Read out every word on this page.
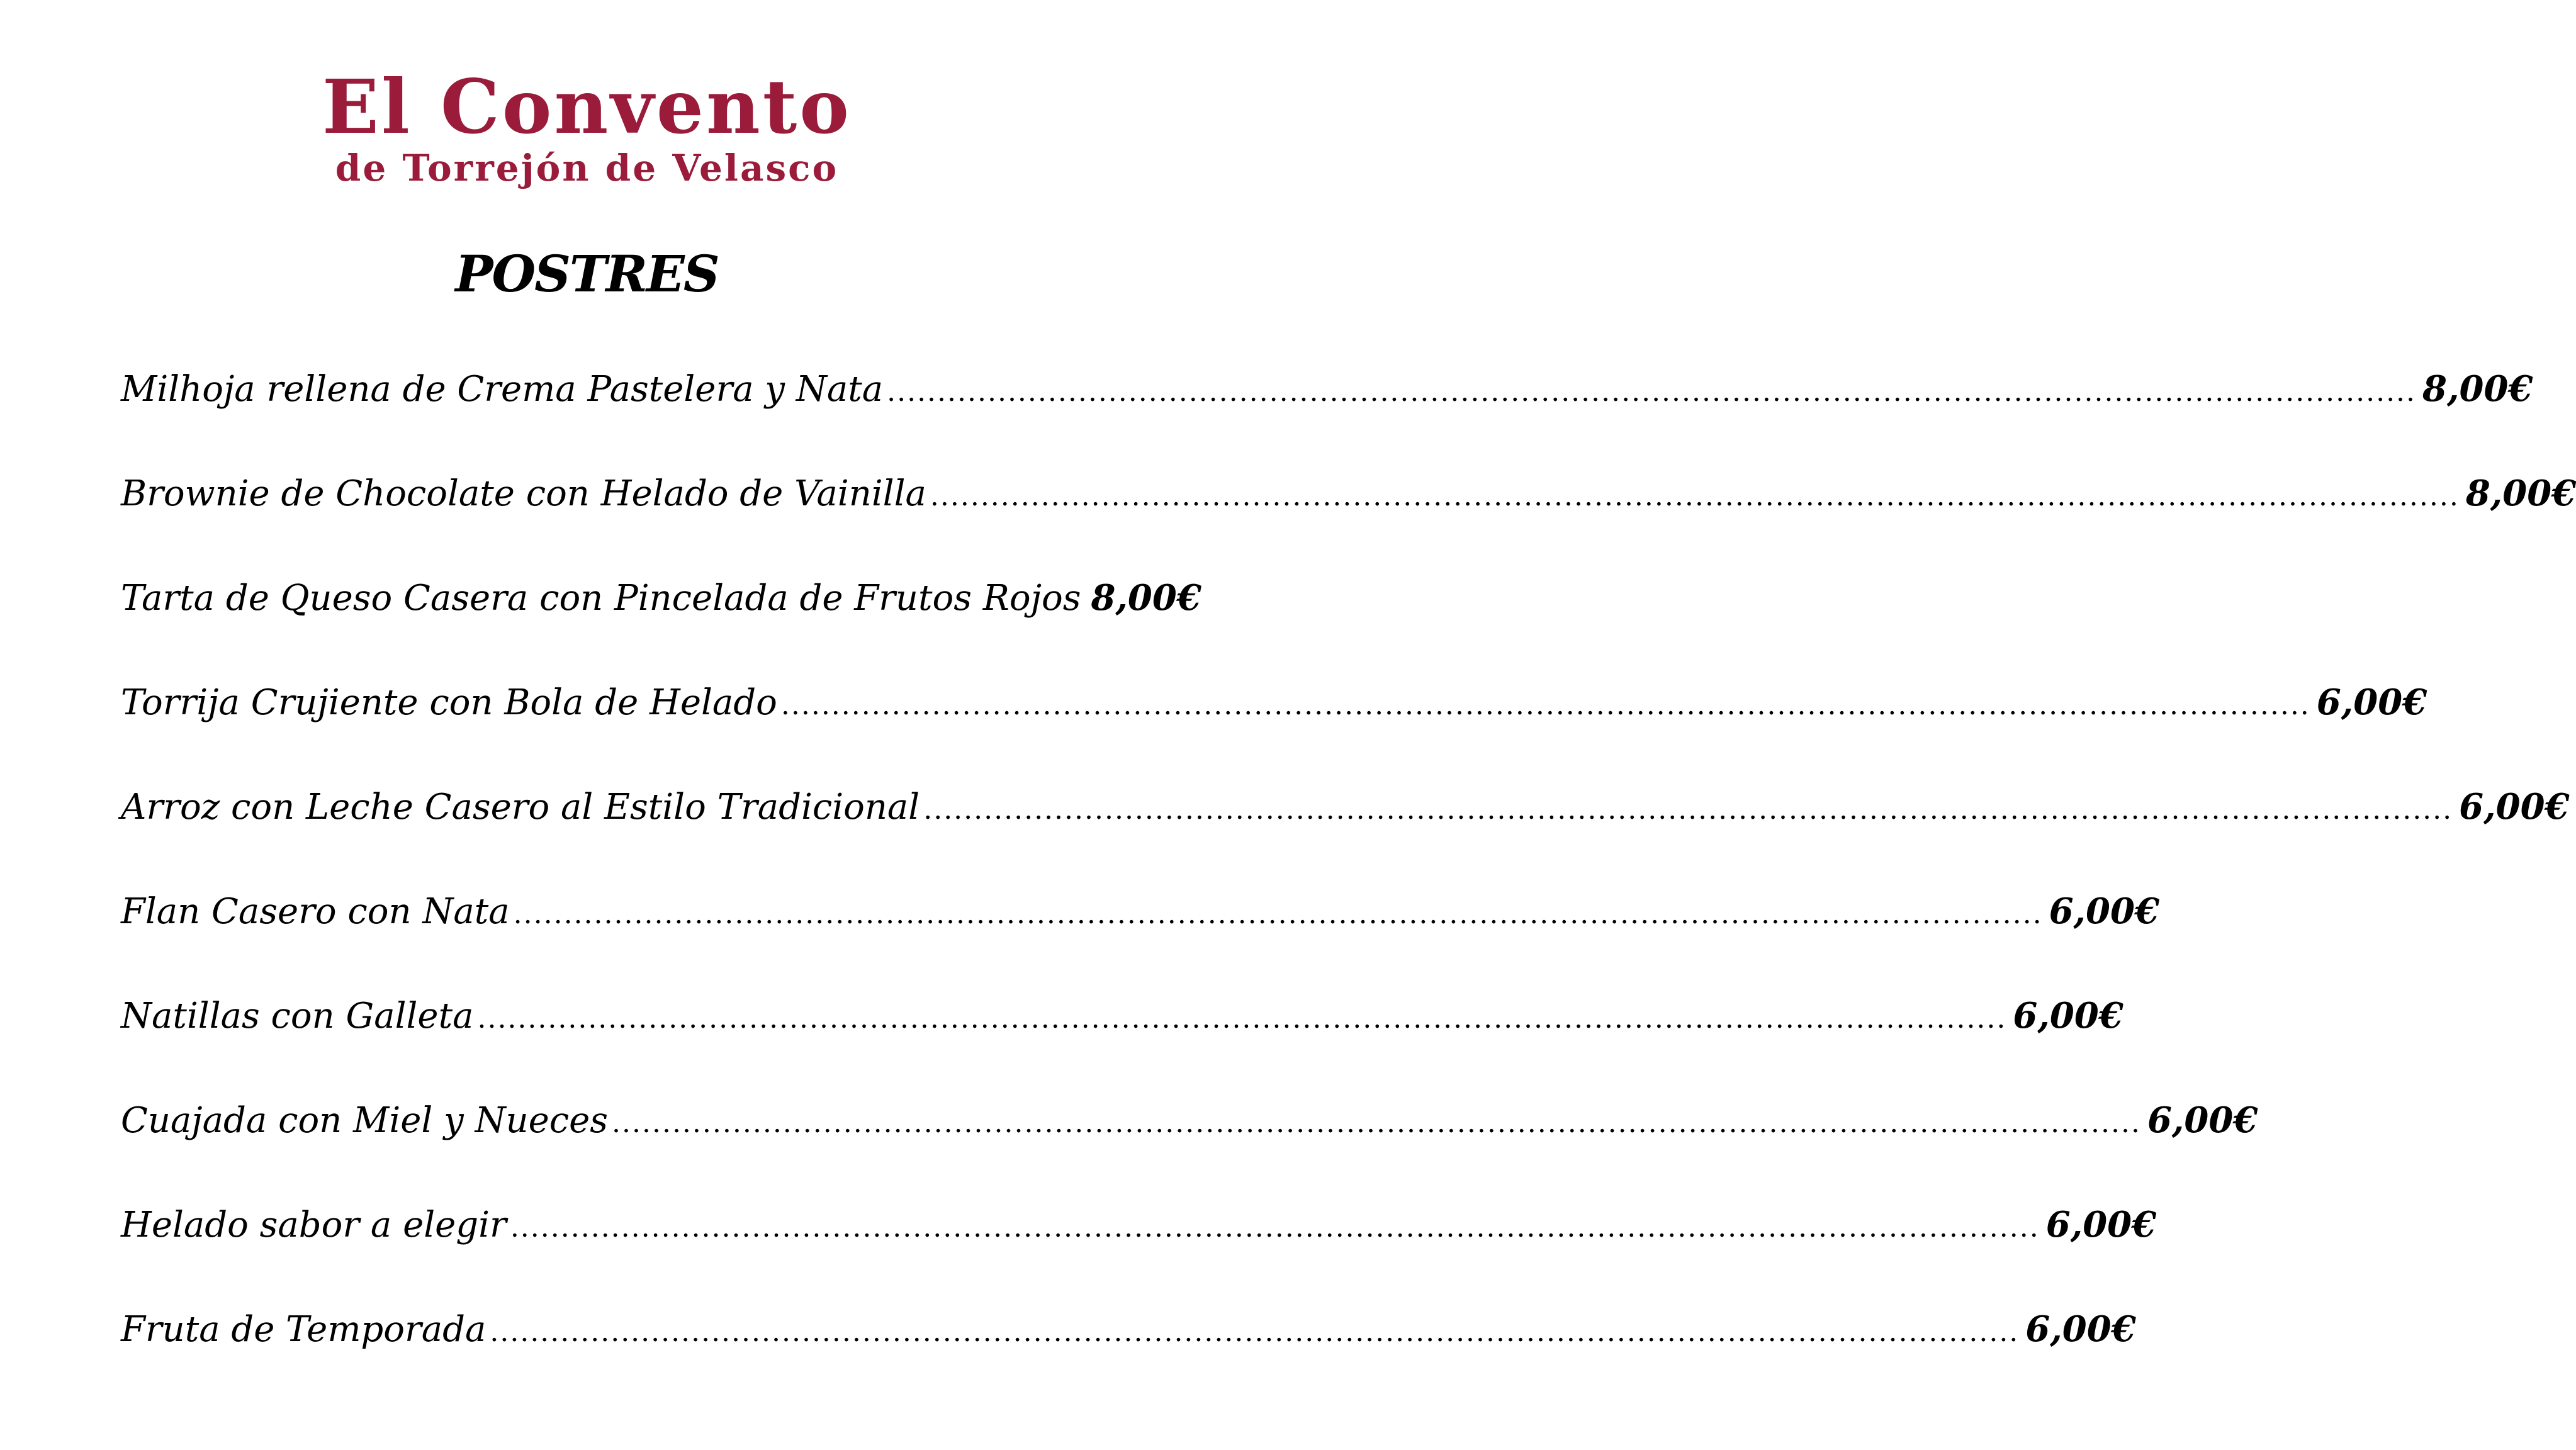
El Convento
de Torrejón de Velasco
POSTRES
Milhoja rellena de Crema Pastelera y Nata .....	8,00€
Brownie de Chocolate con Helado de Vainilla .....	8,00€
Tarta de Queso Casera con Pincelada de Frutos Rojos 8,00€
Torrija Crujiente con Bola de Helado .....	6,00€
Arroz con Leche Casero al Estilo Tradicional .....	6,00€
Flan Casero con Nata .....	6,00€
Natillas con Galleta .....	6,00€
Cuajada con Miel y Nueces .....	6,00€
Helado sabor a elegir .....	6,00€
Fruta de Temporada .....	6,00€
